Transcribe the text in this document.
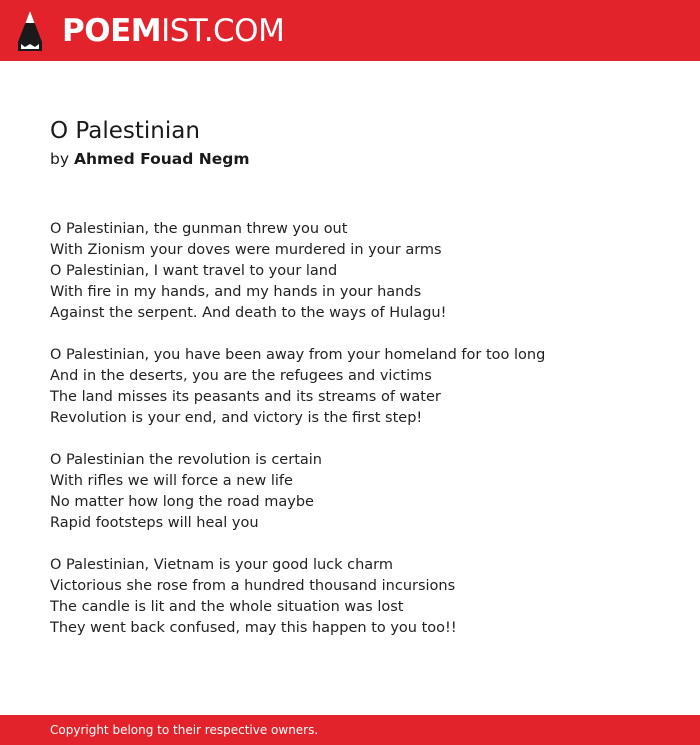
POEMIST.COM
O Palestinian
by Ahmed Fouad Negm
O Palestinian, the gunman threw you out
With Zionism your doves were murdered in your arms
O Palestinian, I want travel to your land
With fire in my hands, and my hands in your hands
Against the serpent. And death to the ways of Hulagu!
O Palestinian, you have been away from your homeland for too long
And in the deserts, you are the refugees and victims
The land misses its peasants and its streams of water
Revolution is your end, and victory is the first step!
O Palestinian the revolution is certain
With rifles we will force a new life
No matter how long the road maybe
Rapid footsteps will heal you
O Palestinian, Vietnam is your good luck charm
Victorious she rose from a hundred thousand incursions
The candle is lit and the whole situation was lost
They went back confused, may this happen to you too!!
Copyright belong to their respective owners.
